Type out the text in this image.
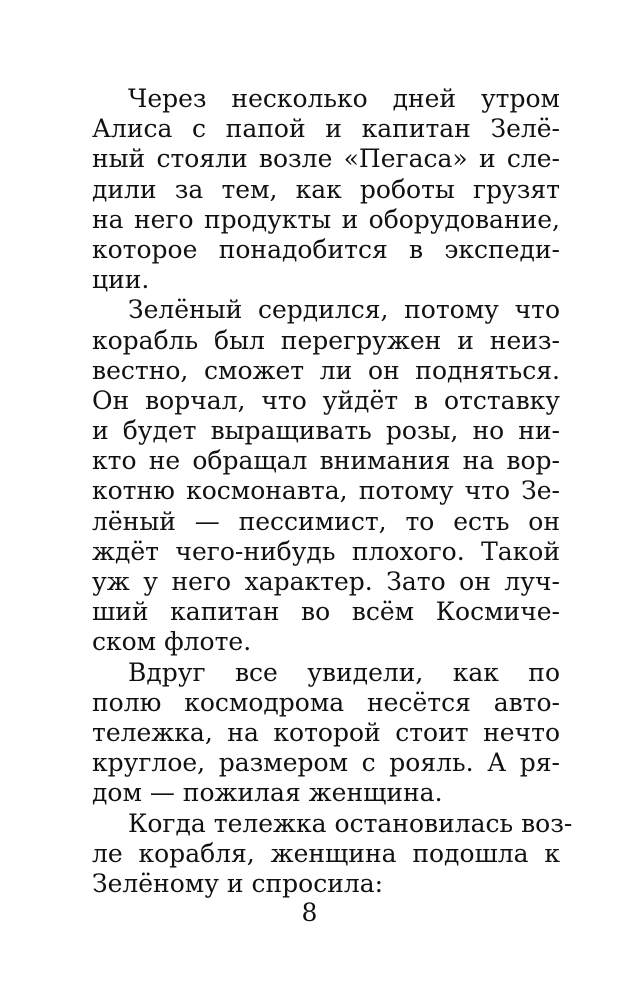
Через несколько дней утром
Алиса с папой и капитан Зелё-
ный стояли возле «Пегаса» и сле-
дили за тем, как роботы грузят
на него продукты и оборудование,
которое понадобится в экспеди-
ции.
Зелёный сердился, потому что
корабль был перегружен и неиз-
вестно, сможет ли он подняться.
Он ворчал, что уйдёт в отставку
и будет выращивать розы, но ни-
кто не обращал внимания на вор-
котню космонавта, потому что Зе-
лёный — пессимист, то есть он
ждёт чего-нибудь плохого. Такой
уж у него характер. Зато он луч-
ший капитан во всём Космиче-
ском флоте.
Вдруг все увидели, как по
полю космодрома несётся авто-
тележка, на которой стоит нечто
круглое, размером с рояль. А ря-
дом — пожилая женщина.
Когда тележка остановилась воз-
ле корабля, женщина подошла к
Зелёному и спросила:
8
